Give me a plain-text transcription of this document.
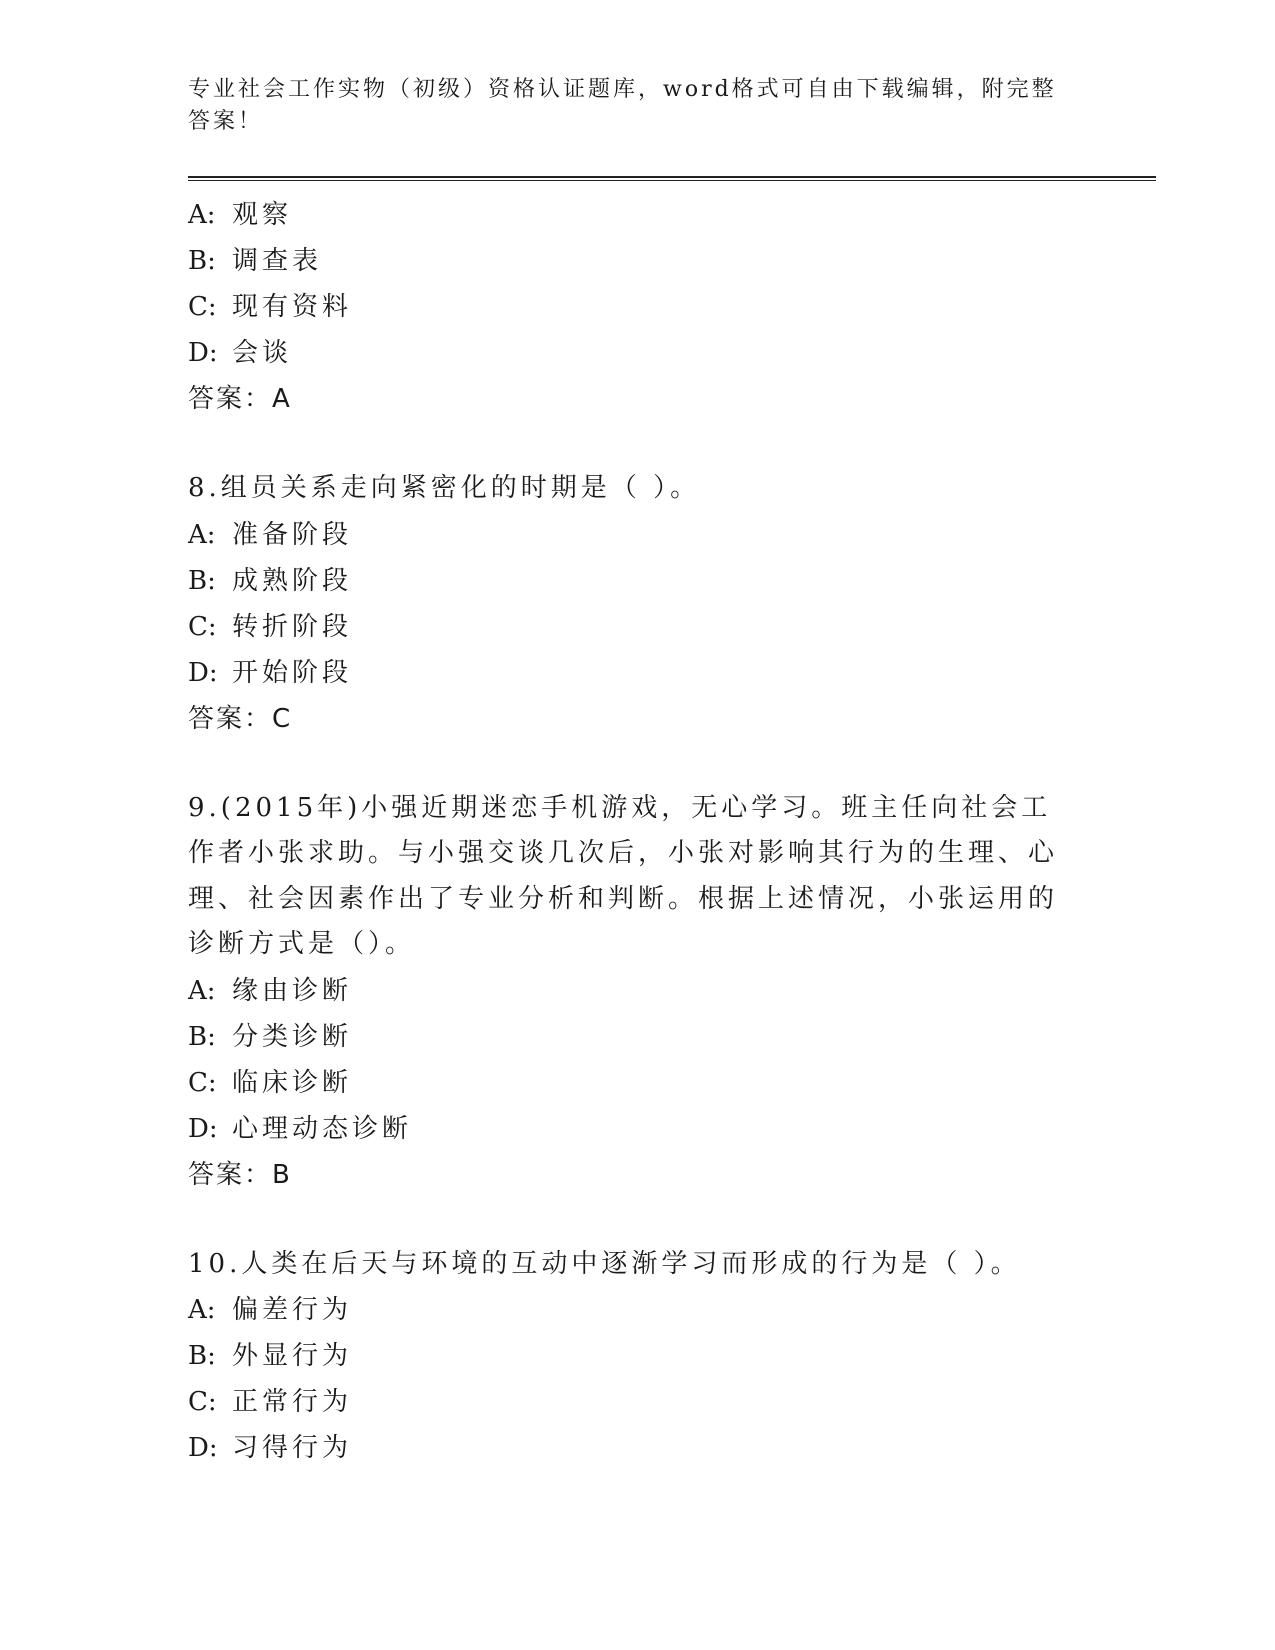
专业社会工作实物（初级）资格认证题库，word格式可自由下载编辑，附完整答案！
A: 观察
B: 调查表
C: 现有资料
D: 会谈
答案：A
8.组员关系走向紧密化的时期是（ ）。
A: 准备阶段
B: 成熟阶段
C: 转折阶段
D: 开始阶段
答案：C
9.(2015年)小强近期迷恋手机游戏，无心学习。班主任向社会工作者小张求助。与小强交谈几次后，小张对影响其行为的生理、心理、社会因素作出了专业分析和判断。根据上述情况，小张运用的诊断方式是（）。
A: 缘由诊断
B: 分类诊断
C: 临床诊断
D: 心理动态诊断
答案：B
10.人类在后天与环境的互动中逐渐学习而形成的行为是（ ）。
A: 偏差行为
B: 外显行为
C: 正常行为
D: 习得行为
